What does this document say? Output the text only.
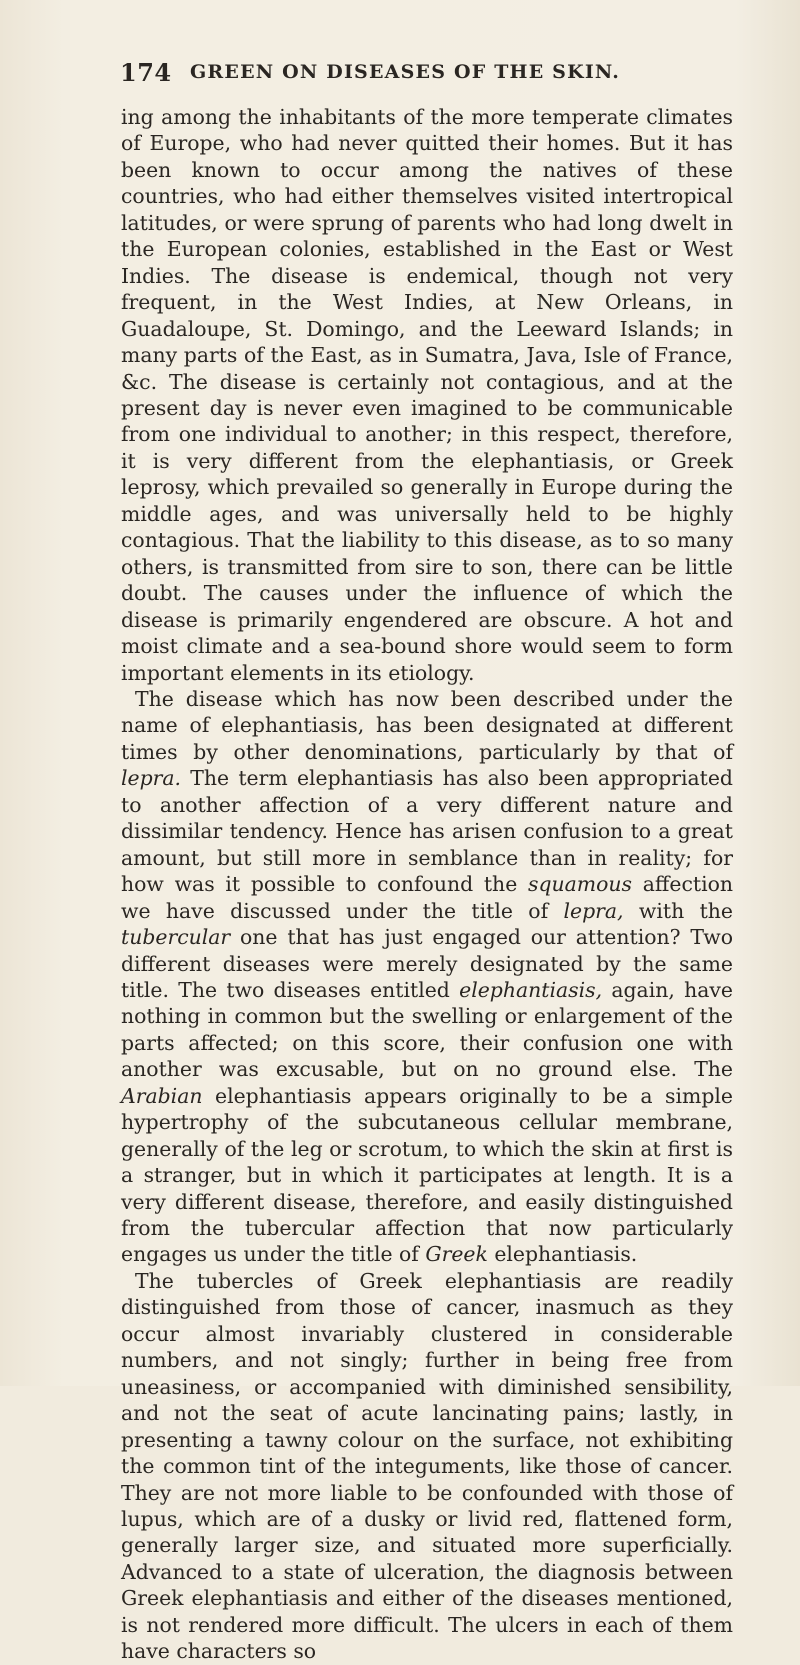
174 GREEN ON DISEASES OF THE SKIN.

ing among the inhabitants of the more temperate climates of Europe, who had never quitted their homes. But it has been known to occur among the natives of these countries, who had either themselves visited intertropical latitudes, or were sprung of parents who had long dwelt in the European colonies, established in the East or West Indies. The disease is endemical, though not very frequent, in the West Indies, at New Orleans, in Guadaloupe, St. Domingo, and the Leeward Islands; in many parts of the East, as in Sumatra, Java, Isle of France, &c. The disease is certainly not contagious, and at the present day is never even imagined to be communicable from one individual to another; in this respect, therefore, it is very different from the elephantiasis, or Greek leprosy, which prevailed so generally in Europe during the middle ages, and was universally held to be highly contagious. That the liability to this disease, as to so many others, is transmitted from sire to son, there can be little doubt. The causes under the influence of which the disease is primarily engendered are obscure. A hot and moist climate and a sea-bound shore would seem to form important elements in its etiology.

The disease which has now been described under the name of elephantiasis, has been designated at different times by other denominations, particularly by that of lepra. The term elephantiasis has also been appropriated to another affection of a very different nature and dissimilar tendency. Hence has arisen confusion to a great amount, but still more in semblance than in reality; for how was it possible to confound the squamous affection we have discussed under the title of lepra, with the tubercular one that has just engaged our attention? Two different diseases were merely designated by the same title. The two diseases entitled elephantiasis, again, have nothing in common but the swelling or enlargement of the parts affected; on this score, their confusion one with another was excusable, but on no ground else. The Arabian elephantiasis appears originally to be a simple hypertrophy of the subcutaneous cellular membrane, generally of the leg or scrotum, to which the skin at first is a stranger, but in which it participates at length. It is a very different disease, therefore, and easily distinguished from the tubercular affection that now particularly engages us under the title of Greek elephantiasis.

The tubercles of Greek elephantiasis are readily distinguished from those of cancer, inasmuch as they occur almost invariably clustered in considerable numbers, and not singly; further in being free from uneasiness, or accompanied with diminished sensibility, and not the seat of acute lancinating pains; lastly, in presenting a tawny colour on the surface, not exhibiting the common tint of the integuments, like those of cancer. They are not more liable to be confounded with those of lupus, which are of a dusky or livid red, flattened form, generally larger size, and situated more superficially. Advanced to a state of ulceration, the diagnosis between Greek elephantiasis and either of the diseases mentioned, is not rendered more difficult. The ulcers in each of them have characters so
